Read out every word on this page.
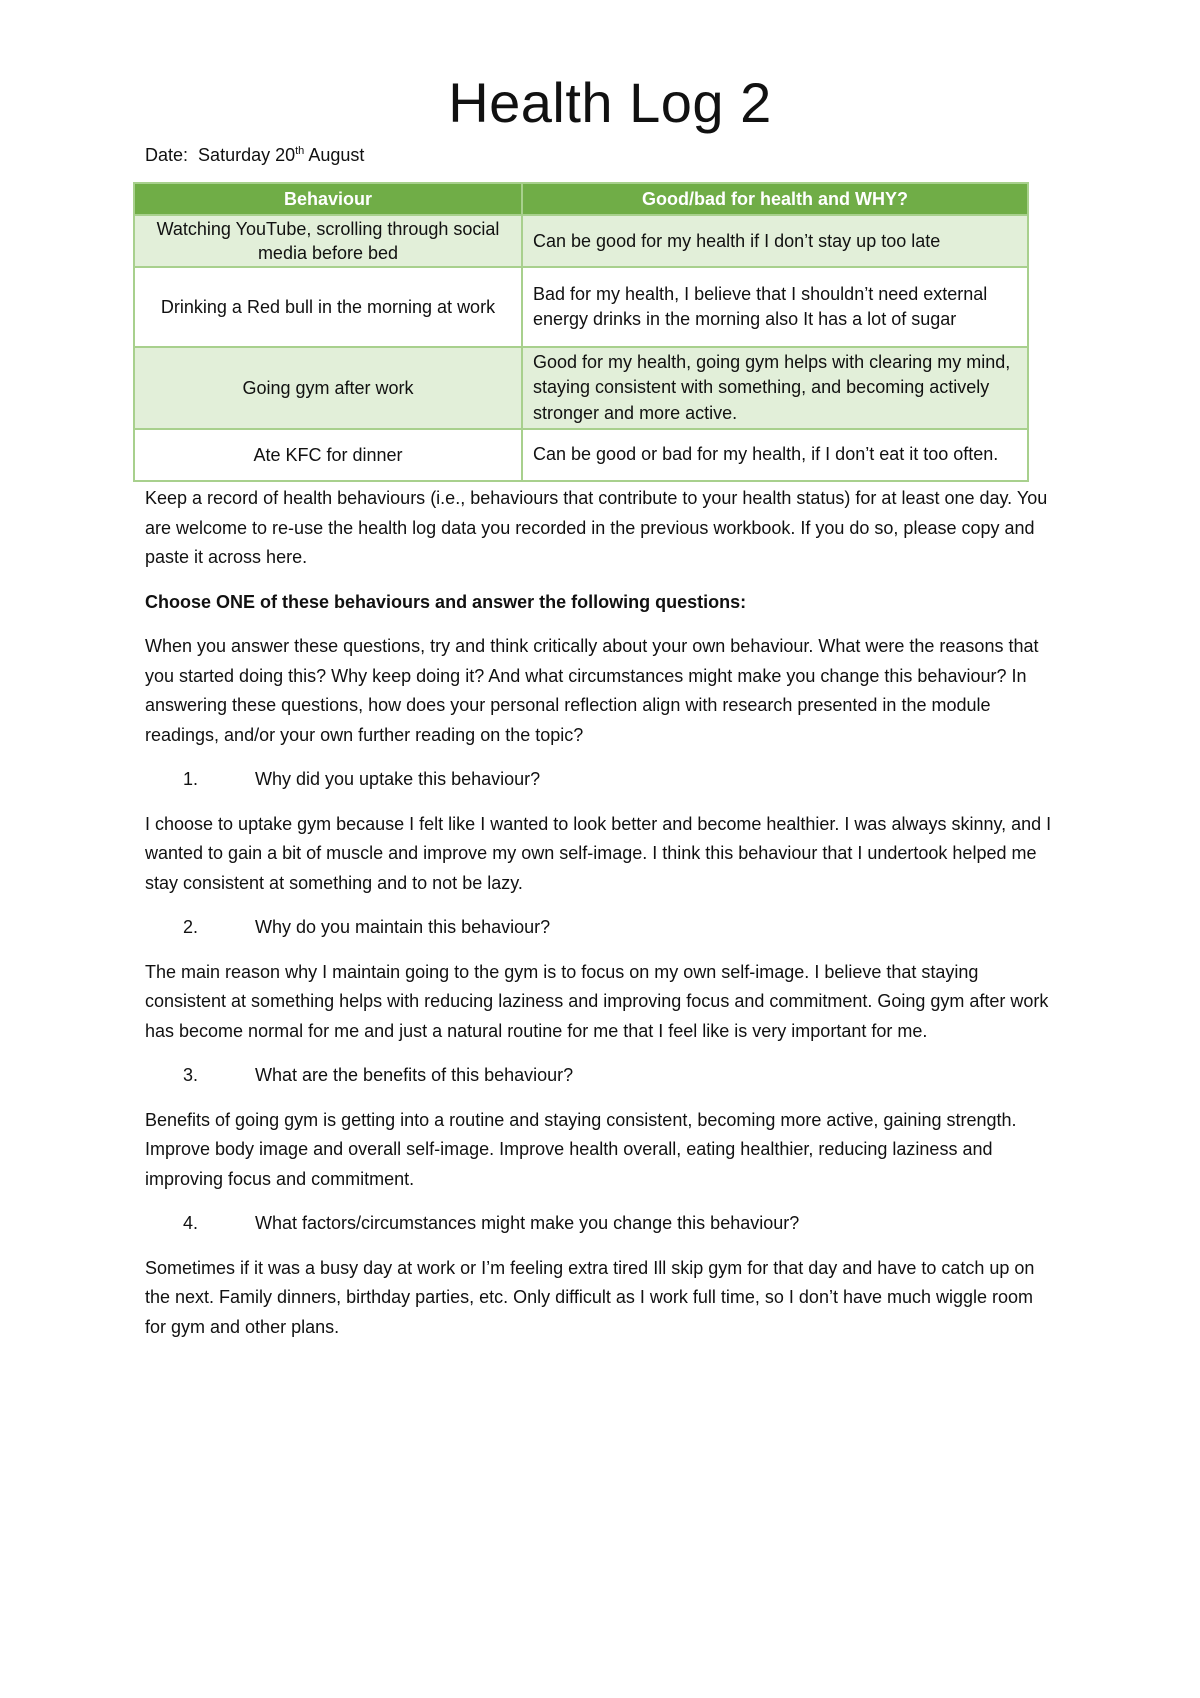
Health Log 2

Date: Saturday 20th August

Behaviour	Good/bad for health and WHY?
Watching YouTube, scrolling through social media before bed	Can be good for my health if I don’t stay up too late
Drinking a Red bull in the morning at work	Bad for my health, I believe that I shouldn’t need external energy drinks in the morning also It has a lot of sugar
Going gym after work	Good for my health, going gym helps with clearing my mind, staying consistent with something, and becoming actively stronger and more active.
Ate KFC for dinner	Can be good or bad for my health, if I don’t eat it too often.

Keep a record of health behaviours (i.e., behaviours that contribute to your health status) for at least one day. You are welcome to re-use the health log data you recorded in the previous workbook. If you do so, please copy and paste it across here.

Choose ONE of these behaviours and answer the following questions:

When you answer these questions, try and think critically about your own behaviour. What were the reasons that you started doing this? Why keep doing it? And what circumstances might make you change this behaviour? In answering these questions, how does your personal reflection align with research presented in the module readings, and/or your own further reading on the topic?

1.	Why did you uptake this behaviour?

I choose to uptake gym because I felt like I wanted to look better and become healthier. I was always skinny, and I wanted to gain a bit of muscle and improve my own self-image. I think this behaviour that I undertook helped me stay consistent at something and to not be lazy.

2.	Why do you maintain this behaviour?

The main reason why I maintain going to the gym is to focus on my own self-image. I believe that staying consistent at something helps with reducing laziness and improving focus and commitment. Going gym after work has become normal for me and just a natural routine for me that I feel like is very important for me.

3.	What are the benefits of this behaviour?

Benefits of going gym is getting into a routine and staying consistent, becoming more active, gaining strength. Improve body image and overall self-image. Improve health overall, eating healthier, reducing laziness and improving focus and commitment.

4.	What factors/circumstances might make you change this behaviour?

Sometimes if it was a busy day at work or I’m feeling extra tired Ill skip gym for that day and have to catch up on the next. Family dinners, birthday parties, etc. Only difficult as I work full time, so I don’t have much wiggle room for gym and other plans.
